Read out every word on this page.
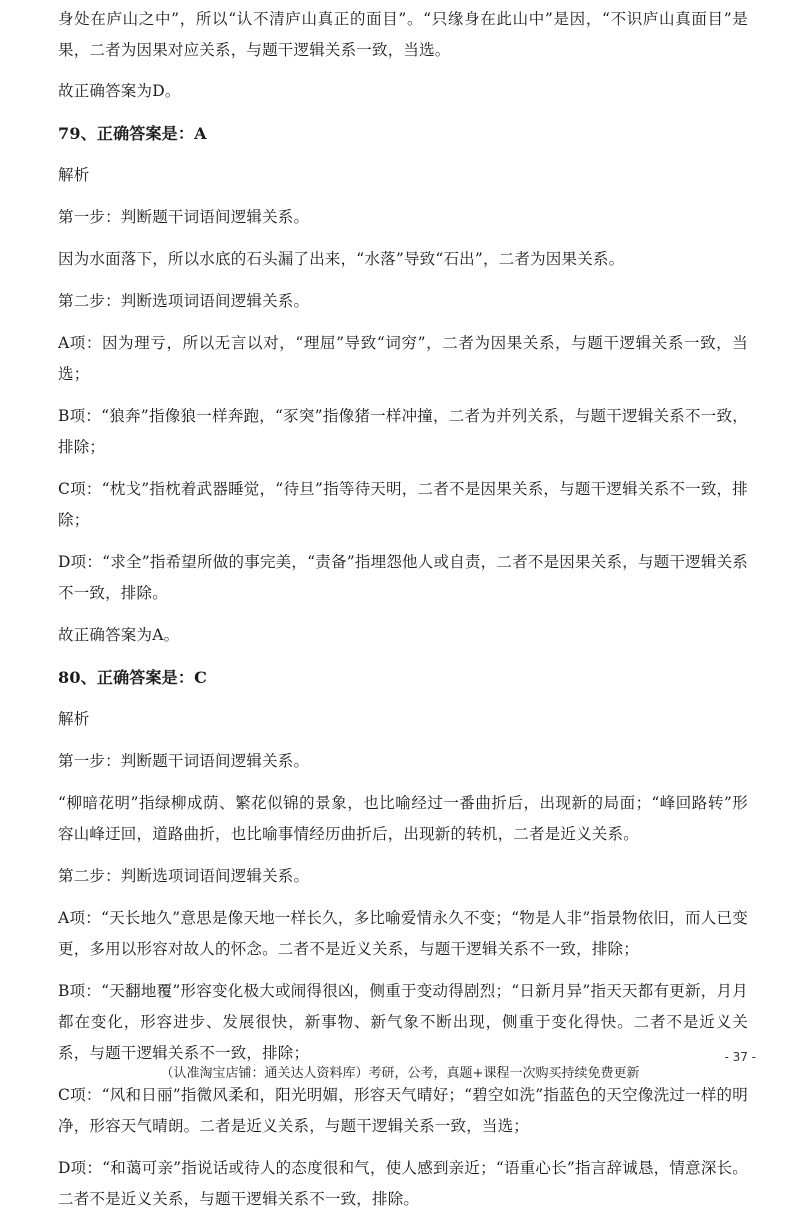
身处在庐山之中”，所以“认不清庐山真正的面目”。“只缘身在此山中”是因，“不识庐山真面目”是果，二者为因果对应关系，与题干逻辑关系一致，当选。

故正确答案为D。

79、正确答案是：A

解析

第一步：判断题干词语间逻辑关系。

因为水面落下，所以水底的石头漏了出来，“水落”导致“石出”，二者为因果关系。

第二步：判断选项词语间逻辑关系。

A项：因为理亏，所以无言以对，“理屈”导致“词穷”，二者为因果关系，与题干逻辑关系一致，当选；

B项：“狼奔”指像狼一样奔跑，“豕突”指像猪一样冲撞，二者为并列关系，与题干逻辑关系不一致，排除；

C项：“枕戈”指枕着武器睡觉，“待旦”指等待天明，二者不是因果关系，与题干逻辑关系不一致，排除；

D项：“求全”指希望所做的事完美，“责备”指埋怨他人或自责，二者不是因果关系，与题干逻辑关系不一致，排除。

故正确答案为A。

80、正确答案是：C

解析

第一步：判断题干词语间逻辑关系。

“柳暗花明”指绿柳成荫、繁花似锦的景象，也比喻经过一番曲折后，出现新的局面；“峰回路转”形容山峰迂回，道路曲折，也比喻事情经历曲折后，出现新的转机，二者是近义关系。

第二步：判断选项词语间逻辑关系。

A项：“天长地久”意思是像天地一样长久，多比喻爱情永久不变；“物是人非”指景物依旧，而人已变更，多用以形容对故人的怀念。二者不是近义关系，与题干逻辑关系不一致，排除；

B项：“天翻地覆”形容变化极大或闹得很凶，侧重于变动得剧烈；“日新月异”指天天都有更新，月月都在变化，形容进步、发展很快，新事物、新气象不断出现，侧重于变化得快。二者不是近义关系，与题干逻辑关系不一致，排除；

C项：“风和日丽”指微风柔和，阳光明媚，形容天气晴好；“碧空如洗”指蓝色的天空像洗过一样的明净，形容天气晴朗。二者是近义关系，与题干逻辑关系一致，当选；

D项：“和蔼可亲”指说话或待人的态度很和气，使人感到亲近；“语重心长”指言辞诚恳，情意深长。二者不是近义关系，与题干逻辑关系不一致，排除。

- 37 -
（认准淘宝店铺：通关达人资料库）考研，公考，真题+课程一次购买持续免费更新
